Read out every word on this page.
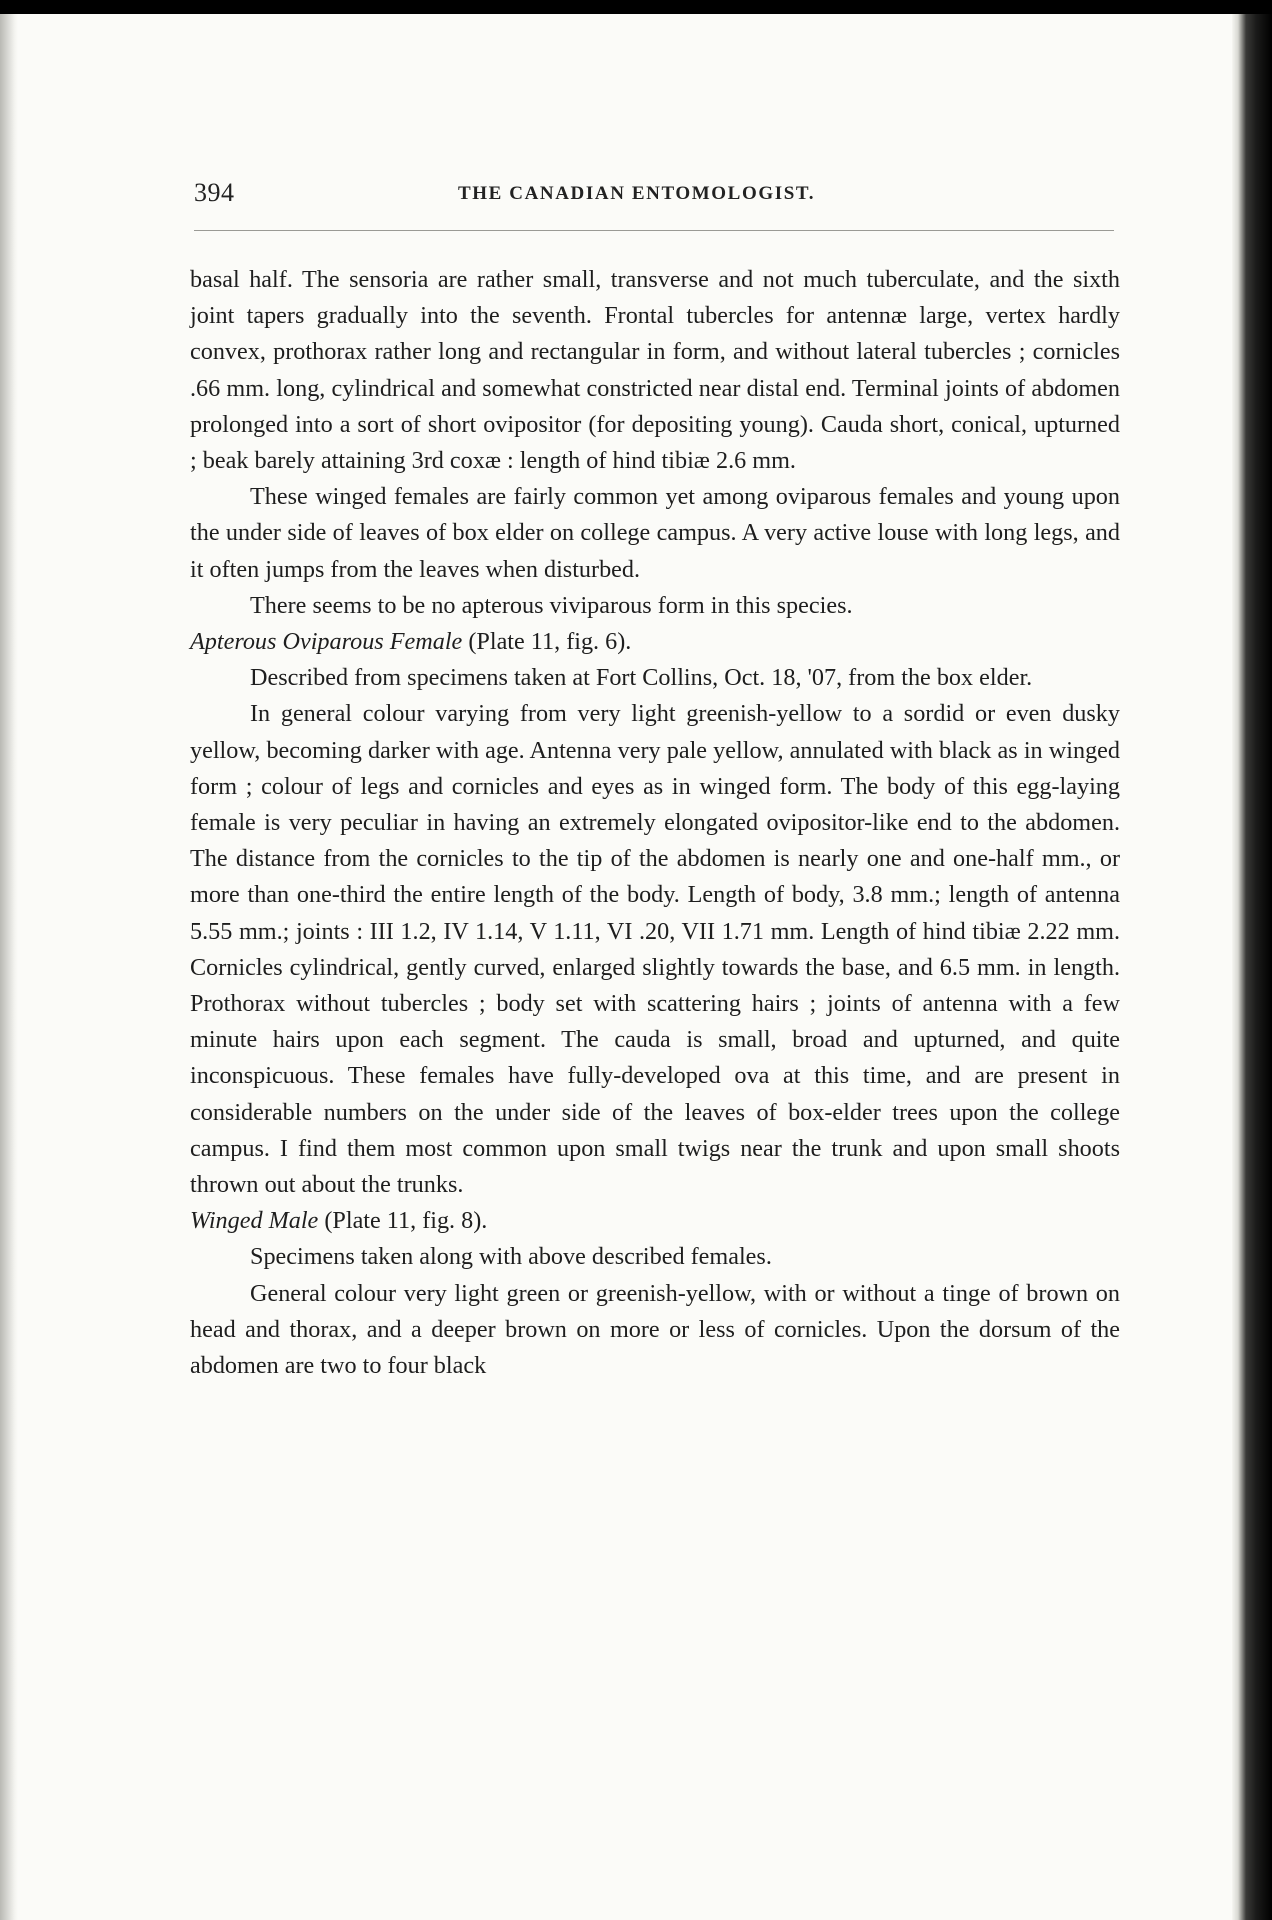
394	THE CANADIAN ENTOMOLOGIST.

basal half. The sensoria are rather small, transverse and not much tuberculate, and the sixth joint tapers gradually into the seventh. Frontal tubercles for antennæ large, vertex hardly convex, prothorax rather long and rectangular in form, and without lateral tubercles ; cornicles .66 mm. long, cylindrical and somewhat constricted near distal end. Terminal joints of abdomen prolonged into a sort of short ovipositor (for depositing young). Cauda short, conical, upturned ; beak barely attaining 3rd coxæ : length of hind tibiæ 2.6 mm.

These winged females are fairly common yet among oviparous females and young upon the under side of leaves of box elder on college campus. A very active louse with long legs, and it often jumps from the leaves when disturbed.

There seems to be no apterous viviparous form in this species.

Apterous Oviparous Female (Plate 11, fig. 6).

Described from specimens taken at Fort Collins, Oct. 18, '07, from the box elder.

In general colour varying from very light greenish-yellow to a sordid or even dusky yellow, becoming darker with age. Antenna very pale yellow, annulated with black as in winged form ; colour of legs and cornicles and eyes as in winged form. The body of this egg-laying female is very peculiar in having an extremely elongated ovipositor-like end to the abdomen. The distance from the cornicles to the tip of the abdomen is nearly one and one-half mm., or more than one-third the entire length of the body. Length of body, 3.8 mm.; length of antenna 5.55 mm.; joints : III 1.2, IV 1.14, V 1.11, VI .20, VII 1.71 mm. Length of hind tibiæ 2.22 mm. Cornicles cylindrical, gently curved, enlarged slightly towards the base, and 6.5 mm. in length. Prothorax without tubercles ; body set with scattering hairs ; joints of antenna with a few minute hairs upon each segment. The cauda is small, broad and upturned, and quite inconspicuous. These females have fully-developed ova at this time, and are present in considerable numbers on the under side of the leaves of box-elder trees upon the college campus. I find them most common upon small twigs near the trunk and upon small shoots thrown out about the trunks.

Winged Male (Plate 11, fig. 8).

Specimens taken along with above described females.

General colour very light green or greenish-yellow, with or without a tinge of brown on head and thorax, and a deeper brown on more or less of cornicles. Upon the dorsum of the abdomen are two to four black
